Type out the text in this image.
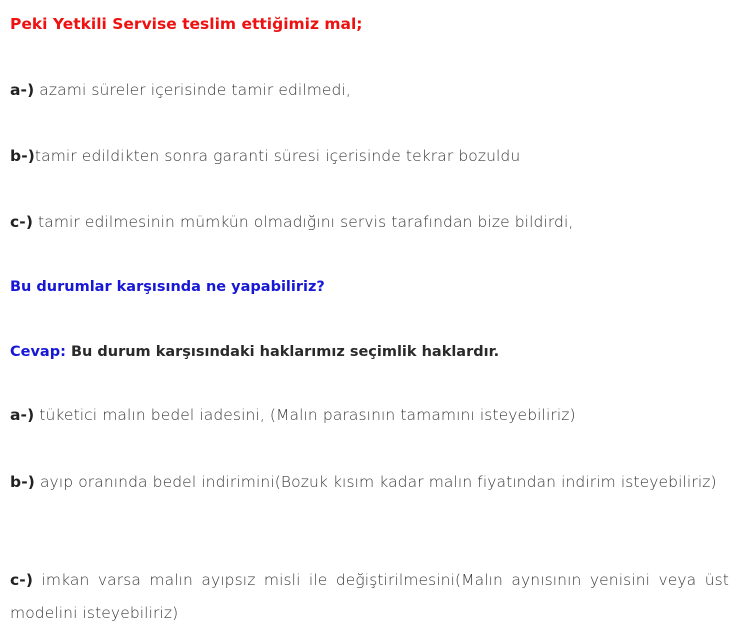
Peki Yetkili Servise teslim ettiğimiz mal;
a-) azami süreler içerisinde tamir edilmedi,
b-)tamir edildikten sonra garanti süresi içerisinde tekrar bozuldu
c-) tamir edilmesinin mümkün olmadığını servis tarafından bize bildirdi,
Bu durumlar karşısında ne yapabiliriz?
Cevap: Bu durum karşısındaki haklarımız seçimlik haklardır.
a-) tüketici malın bedel iadesini, (Malın parasının tamamını isteyebiliriz)
b-) ayıp oranında bedel indirimini(Bozuk kısım kadar malın fiyatından indirim isteyebiliriz)
c-) imkan varsa malın ayıpsız misli ile değiştirilmesini(Malın aynısının yenisini veya üst modelini isteyebiliriz)
